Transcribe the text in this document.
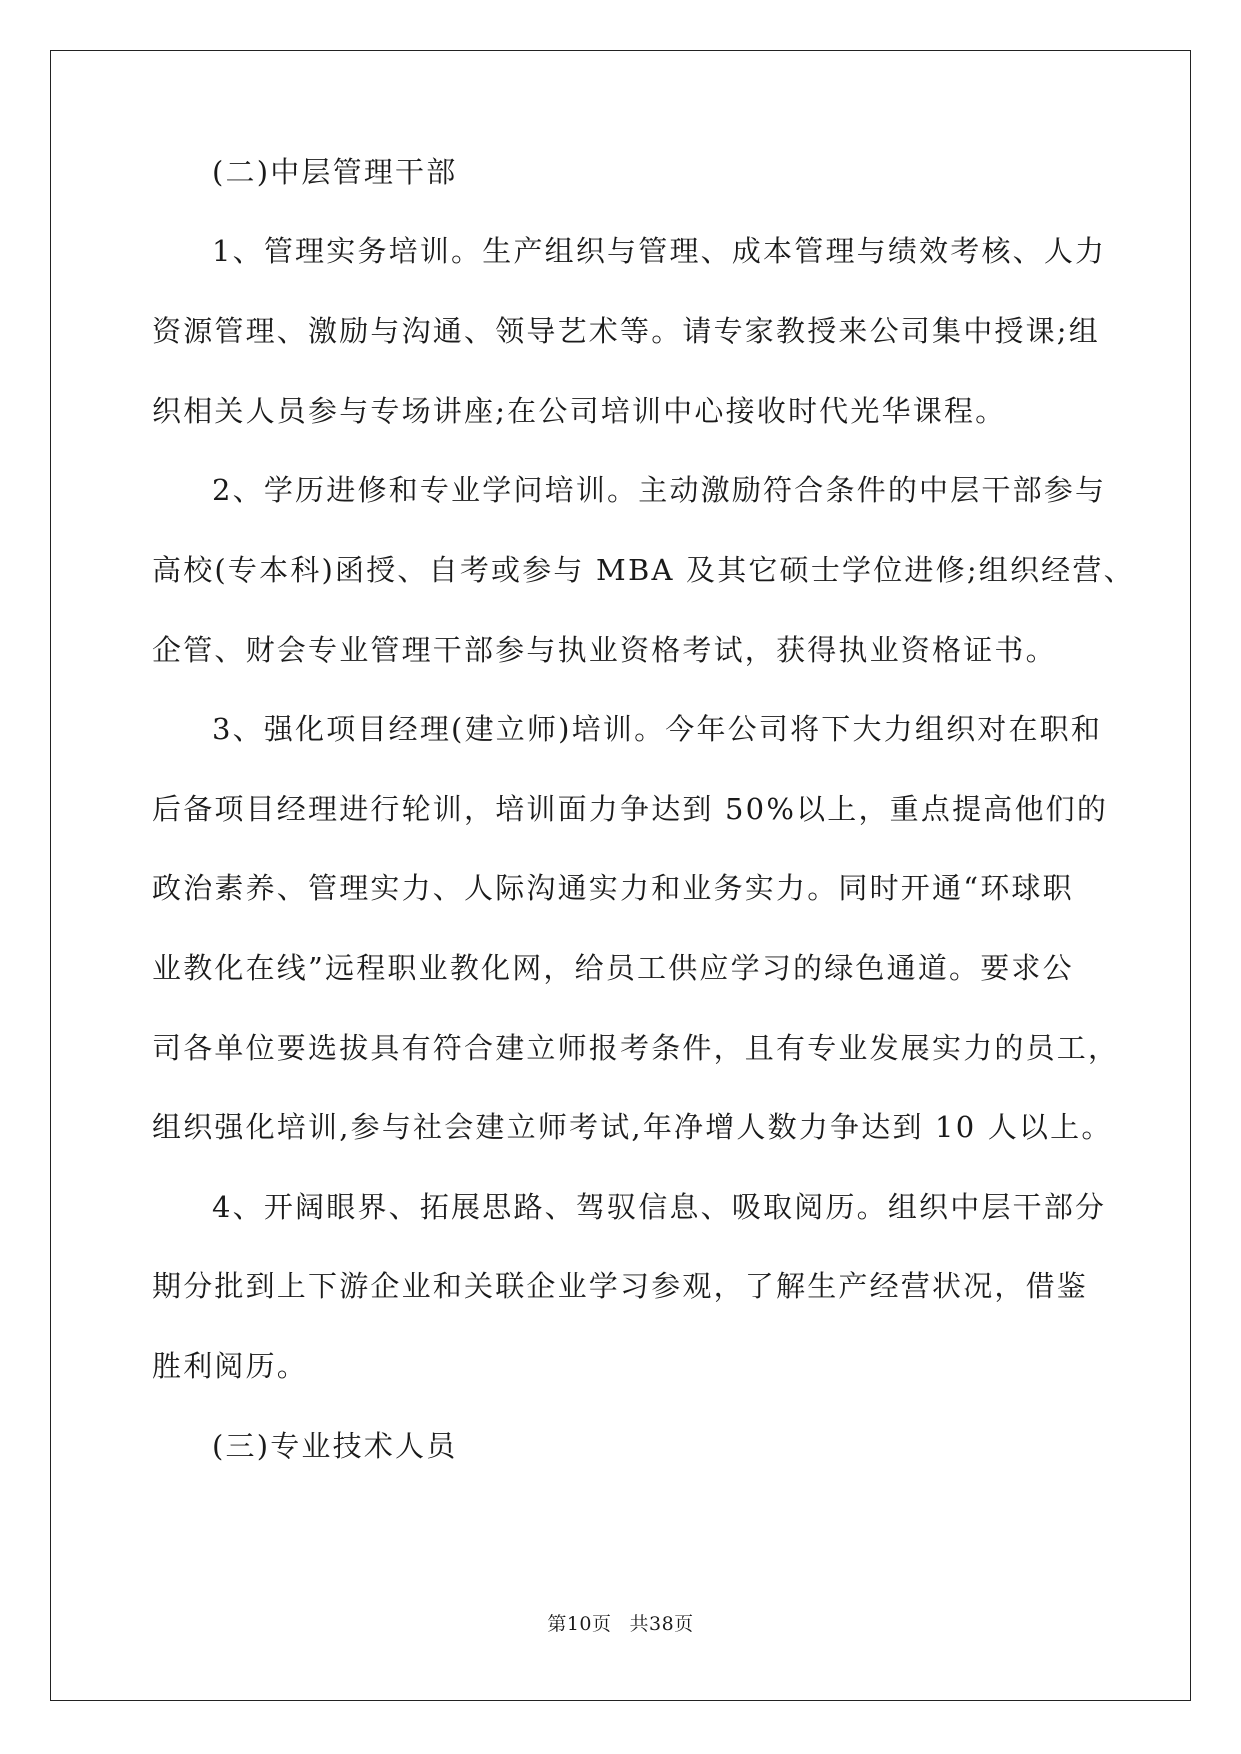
(二)中层管理干部
1、管理实务培训。生产组织与管理、成本管理与绩效考核、人力
资源管理、激励与沟通、领导艺术等。请专家教授来公司集中授课;组
织相关人员参与专场讲座;在公司培训中心接收时代光华课程。
2、学历进修和专业学问培训。主动激励符合条件的中层干部参与
高校(专本科)函授、自考或参与 MBA 及其它硕士学位进修;组织经营、
企管、财会专业管理干部参与执业资格考试，获得执业资格证书。
3、强化项目经理(建立师)培训。今年公司将下大力组织对在职和
后备项目经理进行轮训，培训面力争达到 50%以上，重点提高他们的
政治素养、管理实力、人际沟通实力和业务实力。同时开通“环球职
业教化在线”远程职业教化网，给员工供应学习的绿色通道。要求公
司各单位要选拔具有符合建立师报考条件，且有专业发展实力的员工，
组织强化培训,参与社会建立师考试,年净增人数力争达到 10 人以上。
4、开阔眼界、拓展思路、驾驭信息、吸取阅历。组织中层干部分
期分批到上下游企业和关联企业学习参观，了解生产经营状况，借鉴
胜利阅历。
(三)专业技术人员
第10页 共38页
